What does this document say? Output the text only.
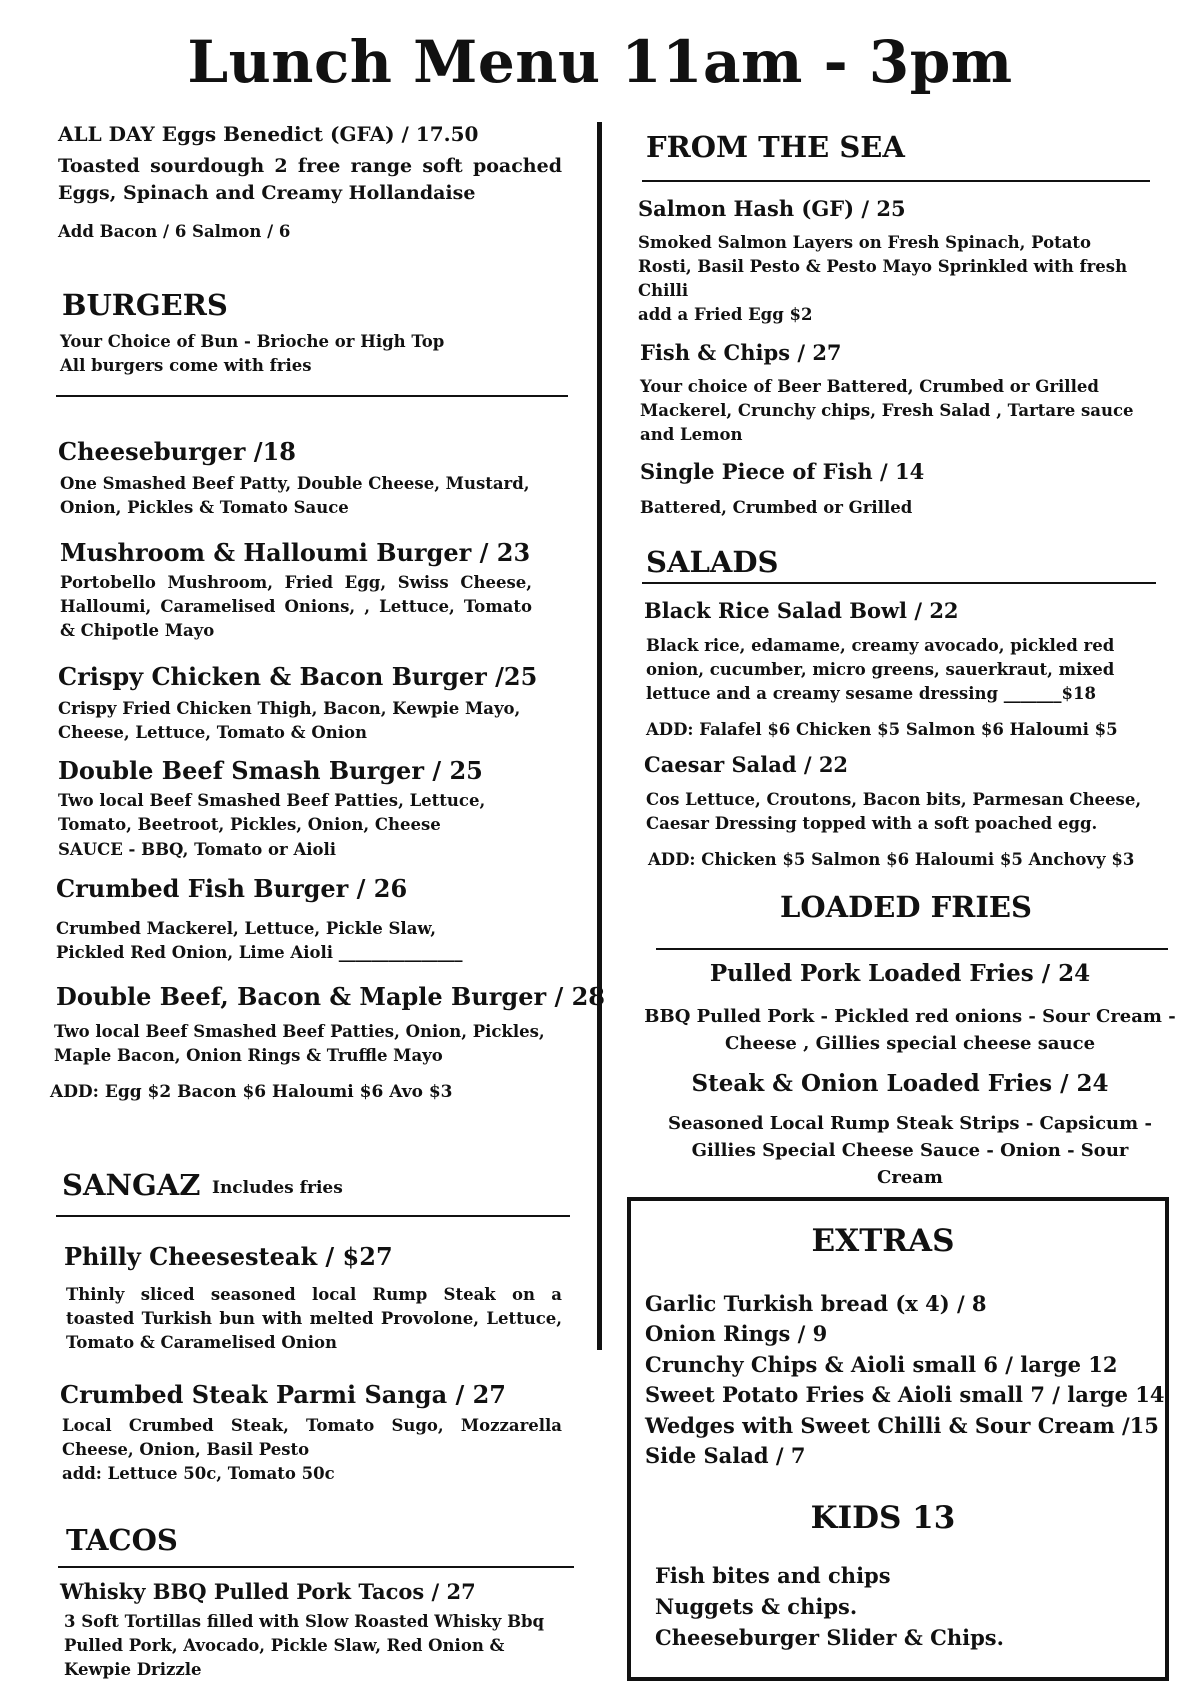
Lunch Menu 11am - 3pm
ALL DAY Eggs Benedict (GFA) / 17.50
Toasted sourdough 2 free range soft poached Eggs, Spinach and Creamy Hollandaise
Add Bacon / 6 Salmon / 6
BURGERS
Your Choice of Bun - Brioche or High Top
All burgers come with fries
Cheeseburger /18
One Smashed Beef Patty, Double Cheese, Mustard, Onion, Pickles & Tomato Sauce
Mushroom & Halloumi Burger / 23
Portobello Mushroom, Fried Egg, Swiss Cheese, Halloumi, Caramelised Onions, , Lettuce, Tomato & Chipotle Mayo
Crispy Chicken & Bacon Burger /25
Crispy Fried Chicken Thigh, Bacon, Kewpie Mayo, Cheese, Lettuce, Tomato & Onion
Double Beef Smash Burger / 25
Two local Beef Smashed Beef Patties, Lettuce, Tomato, Beetroot, Pickles, Onion, Cheese
SAUCE - BBQ, Tomato or Aioli
Crumbed Fish Burger / 26
Crumbed Mackerel, Lettuce, Pickle Slaw,
Pickled Red Onion, Lime Aioli _______________
Double Beef, Bacon & Maple Burger / 28
Two local Beef Smashed Beef Patties, Onion, Pickles, Maple Bacon, Onion Rings & Truffle Mayo
ADD: Egg $2 Bacon $6 Haloumi $6 Avo $3
SANGAZ Includes fries
Philly Cheesesteak / $27
Thinly sliced seasoned local Rump Steak on a toasted Turkish bun with melted Provolone, Lettuce, Tomato & Caramelised Onion
Crumbed Steak Parmi Sanga / 27
Local Crumbed Steak, Tomato Sugo, Mozzarella Cheese, Onion, Basil Pesto
add: Lettuce 50c, Tomato 50c
TACOS
Whisky BBQ Pulled Pork Tacos / 27
3 Soft Tortillas filled with Slow Roasted Whisky Bbq Pulled Pork, Avocado, Pickle Slaw, Red Onion & Kewpie Drizzle
FROM THE SEA
Salmon Hash (GF) / 25
Smoked Salmon Layers on Fresh Spinach, Potato Rosti, Basil Pesto & Pesto Mayo Sprinkled with fresh Chilli
add a Fried Egg $2
Fish & Chips / 27
Your choice of Beer Battered, Crumbed or Grilled Mackerel, Crunchy chips, Fresh Salad , Tartare sauce and Lemon
Single Piece of Fish / 14
Battered, Crumbed or Grilled
SALADS
Black Rice Salad Bowl / 22
Black rice, edamame, creamy avocado, pickled red onion, cucumber, micro greens, sauerkraut, mixed lettuce and a creamy sesame dressing _______$18
ADD: Falafel $6 Chicken $5 Salmon $6 Haloumi $5
Caesar Salad / 22
Cos Lettuce, Croutons, Bacon bits, Parmesan Cheese, Caesar Dressing topped with a soft poached egg.
ADD: Chicken $5 Salmon $6 Haloumi $5 Anchovy $3
LOADED FRIES
Pulled Pork Loaded Fries / 24
BBQ Pulled Pork - Pickled red onions - Sour Cream - Cheese , Gillies special cheese sauce
Steak & Onion Loaded Fries / 24
Seasoned Local Rump Steak Strips - Capsicum - Gillies Special Cheese Sauce - Onion - Sour Cream
EXTRAS
Garlic Turkish bread (x 4) / 8
Onion Rings / 9
Crunchy Chips & Aioli small 6 / large 12
Sweet Potato Fries & Aioli small 7 / large 14
Wedges with Sweet Chilli & Sour Cream /15
Side Salad / 7
KIDS 13
Fish bites and chips
Nuggets & chips.
Cheeseburger Slider & Chips.
